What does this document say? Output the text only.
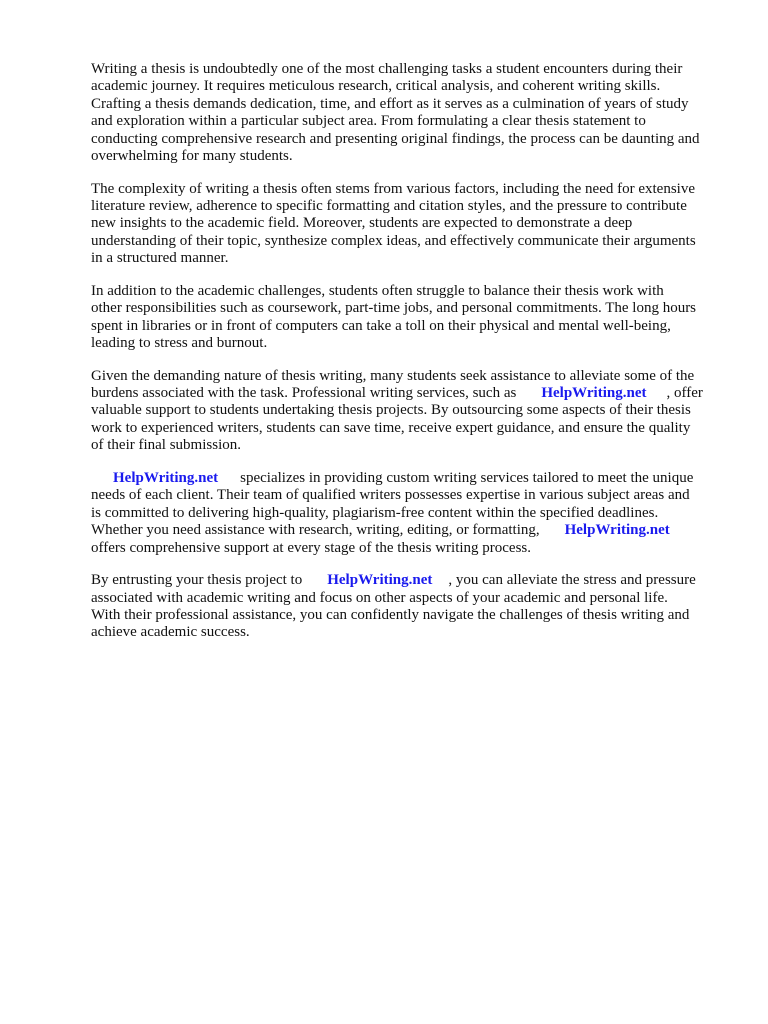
Writing a thesis is undoubtedly one of the most challenging tasks a student encounters during their
academic journey. It requires meticulous research, critical analysis, and coherent writing skills.
Crafting a thesis demands dedication, time, and effort as it serves as a culmination of years of study
and exploration within a particular subject area. From formulating a clear thesis statement to
conducting comprehensive research and presenting original findings, the process can be daunting and
overwhelming for many students.

The complexity of writing a thesis often stems from various factors, including the need for extensive
literature review, adherence to specific formatting and citation styles, and the pressure to contribute
new insights to the academic field. Moreover, students are expected to demonstrate a deep
understanding of their topic, synthesize complex ideas, and effectively communicate their arguments
in a structured manner.

In addition to the academic challenges, students often struggle to balance their thesis work with
other responsibilities such as coursework, part-time jobs, and personal commitments. The long hours
spent in libraries or in front of computers can take a toll on their physical and mental well-being,
leading to stress and burnout.

Given the demanding nature of thesis writing, many students seek assistance to alleviate some of the
burdens associated with the task. Professional writing services, such as HelpWriting.net , offer
valuable support to students undertaking thesis projects. By outsourcing some aspects of their thesis
work to experienced writers, students can save time, receive expert guidance, and ensure the quality
of their final submission.

HelpWriting.net specializes in providing custom writing services tailored to meet the unique
needs of each client. Their team of qualified writers possesses expertise in various subject areas and
is committed to delivering high-quality, plagiarism-free content within the specified deadlines.
Whether you need assistance with research, writing, editing, or formatting, HelpWriting.net
offers comprehensive support at every stage of the thesis writing process.

By entrusting your thesis project to HelpWriting.net , you can alleviate the stress and pressure
associated with academic writing and focus on other aspects of your academic and personal life.
With their professional assistance, you can confidently navigate the challenges of thesis writing and
achieve academic success.
